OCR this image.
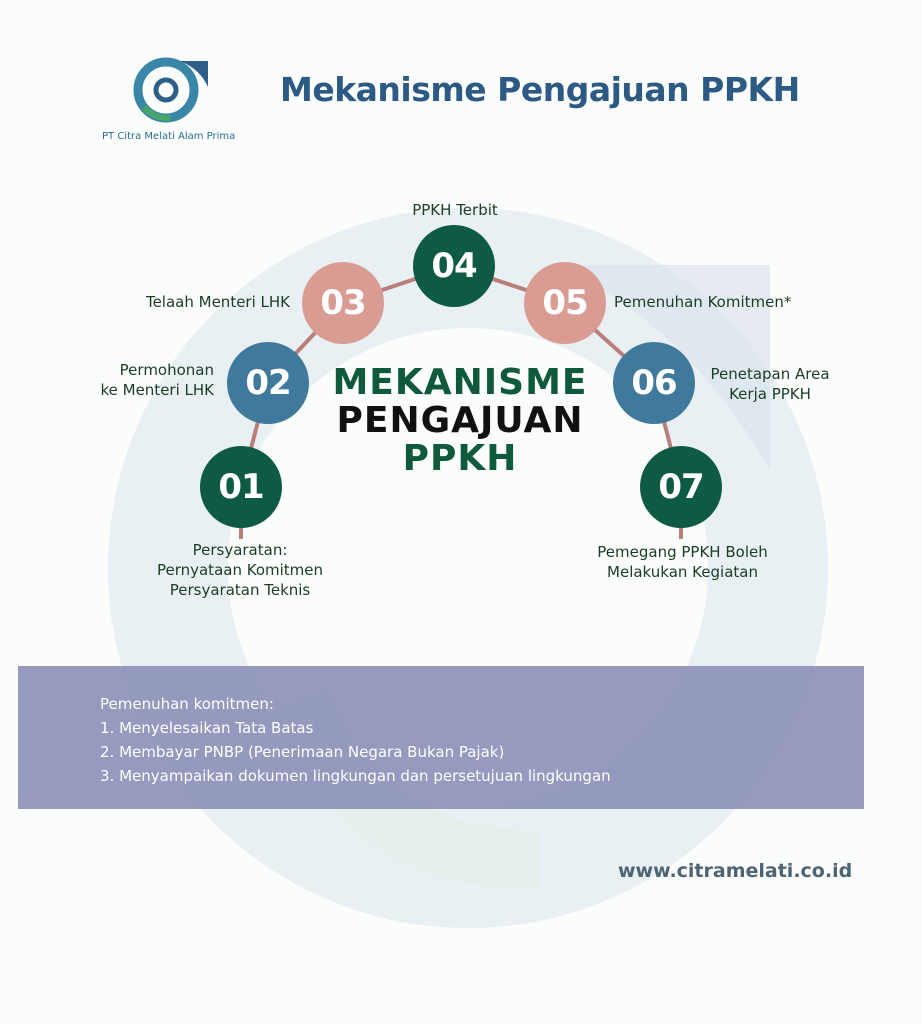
PT Citra Melati Alam Prima
Mekanisme Pengajuan PPKH
01
02
03
04
05
06
07
Persyaratan:
Pernyataan Komitmen
Persyaratan Teknis
Permohonan
ke Menteri LHK
Telaah Menteri LHK
PPKH Terbit
Pemenuhan Komitmen*
Penetapan Area
Kerja PPKH
Pemegang PPKH Boleh
Melakukan Kegiatan
MEKANISME
PENGAJUAN
PPKH
Pemenuhan komitmen:
1. Menyelesaikan Tata Batas
2. Membayar PNBP (Penerimaan Negara Bukan Pajak)
3. Menyampaikan dokumen lingkungan dan persetujuan lingkungan
www.citramelati.co.id
